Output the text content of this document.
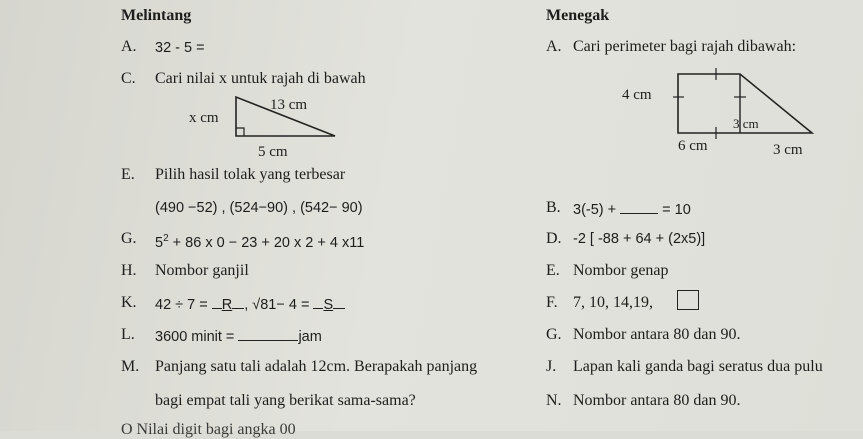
Melintang	Menegak
A. 32 - 5 =	A. Cari perimeter bagi rajah dibawah:
C. Cari nilai x untuk rajah di bawah
x cm
13 cm
5 cm
4 cm
3 cm
6 cm	3 cm
E. Pilih hasil tolak yang terbesar
(490 −52) , (524−90) , (542− 90)	B. 3(-5) +	= 10
G. $5^2 + 86$ x 0 − 23 + 20 x 2 + 4 x11	D. -2 [ -88 + 64 + (2x5)]
H. Nombor ganjil	E. Nombor genap
K. 42 ÷ 7 = R , √81− 4 = S	F. 7, 10, 14,19,
L. 3600 minit =	jam	G. Nombor antara 80 dan 90.
M. Panjang satu tali adalah 12cm. Berapakah panjang
bagi empat tali yang berikat sama-sama?
J. Lapan kali ganda bagi seratus dua pulu
N. Nombor antara 80 dan 90.
O Nilai digit bagi angka 00
